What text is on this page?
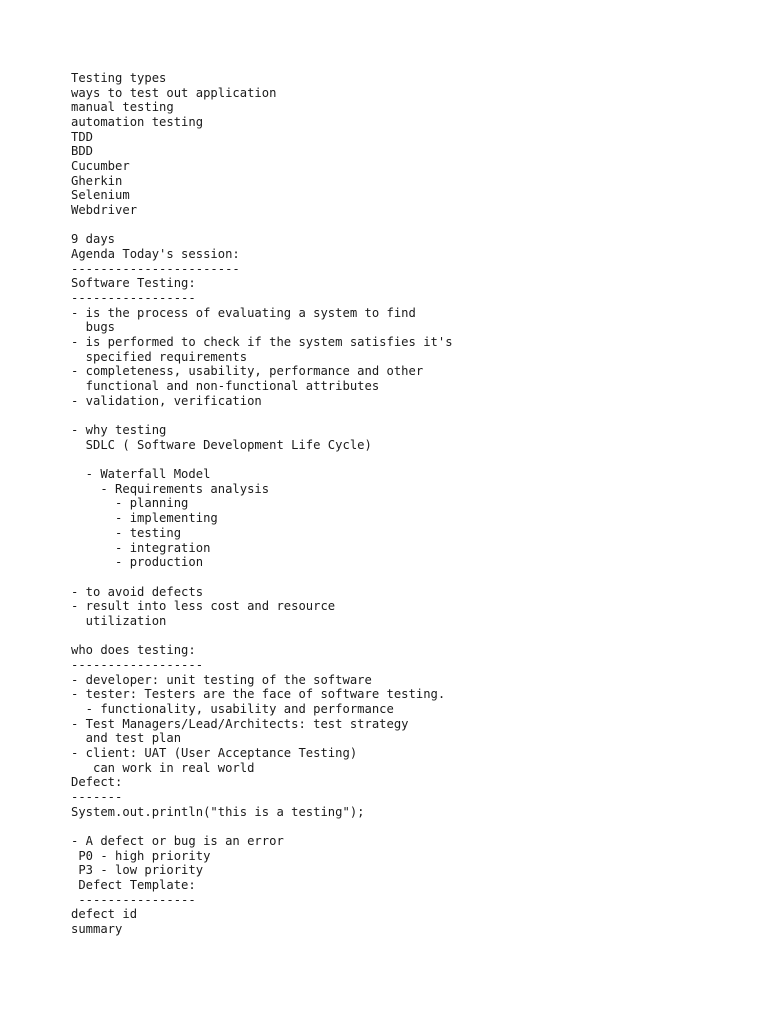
Testing types
ways to test out application
manual testing
automation testing
TDD
BDD
Cucumber
Gherkin
Selenium
Webdriver
9 days
Agenda Today's session:
-----------------------
Software Testing:
-----------------
- is the process of evaluating a system to find
bugs
- is performed to check if the system satisfies it's
specified requirements
- completeness, usability, performance and other
functional and non-functional attributes
- validation, verification
- why testing
SDLC ( Software Development Life Cycle)
- Waterfall Model
- Requirements analysis
- planning
- implementing
- testing
- integration
- production
- to avoid defects
- result into less cost and resource
utilization
who does testing:
------------------
- developer: unit testing of the software
- tester: Testers are the face of software testing.
- functionality, usability and performance
- Test Managers/Lead/Architects: test strategy
and test plan
- client: UAT (User Acceptance Testing)
can work in real world
Defect:
-------
System.out.println("this is a testing");
- A defect or bug is an error
P0 - high priority
P3 - low priority
Defect Template:
----------------
defect id
summary
